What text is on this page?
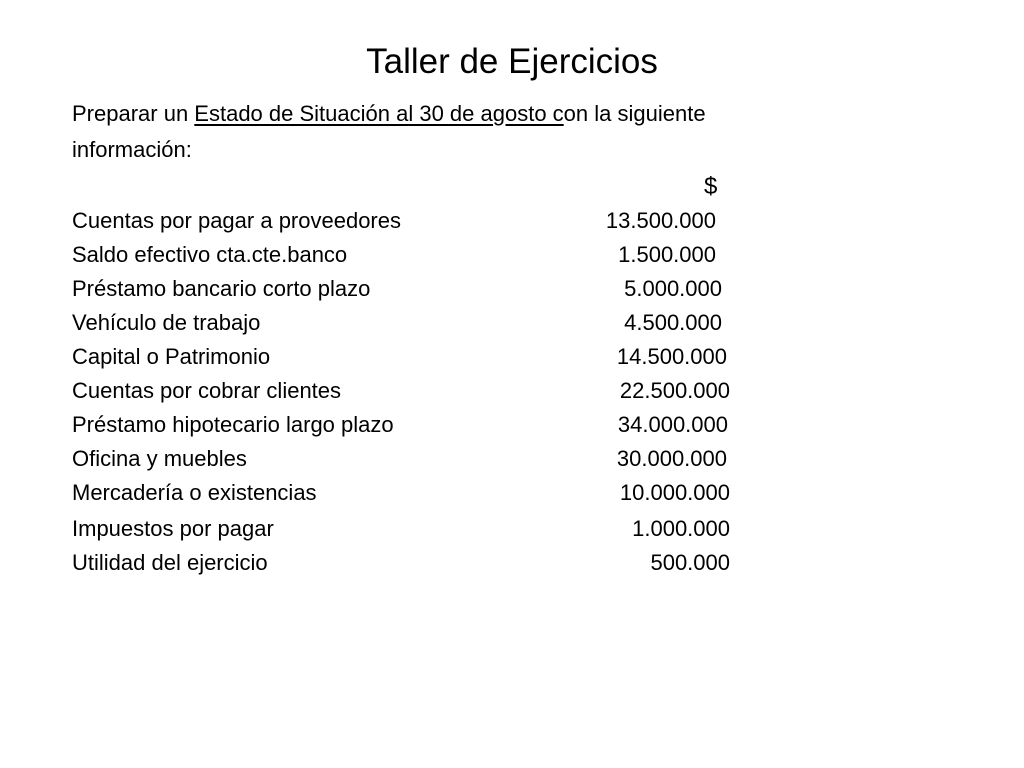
Taller de Ejercicios
Preparar un Estado de Situación al 30 de agosto con la siguiente
información:
$
Cuentas por pagar a proveedores	13.500.000
Saldo efectivo cta.cte.banco	1.500.000
Préstamo bancario corto plazo	5.000.000
Vehículo de trabajo	4.500.000
Capital o Patrimonio	14.500.000
Cuentas por cobrar clientes	22.500.000
Préstamo hipotecario largo plazo	34.000.000
Oficina y muebles	30.000.000
Mercadería o existencias	10.000.000
Impuestos por pagar	1.000.000
Utilidad del ejercicio	500.000
